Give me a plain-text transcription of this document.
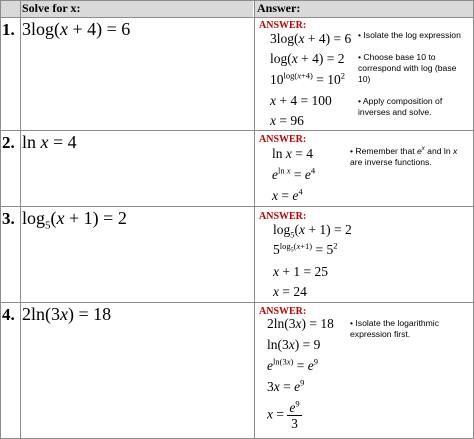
Solve for x:	Answer:
1. 3log(x + 4) = 6	ANSWER:
3log(x + 4) = 6
log(x + 4) = 2
$10^{log(x+4)} = 10^2$
x + 4 = 100
x = 96
• Isolate the log expression
• Choose base 10 to correspond with log (base 10)
• Apply composition of inverses and solve.
2. ln x = 4	ANSWER:
ln x = 4
$e^{ln x} = e^4$
$x = e^4$
• Remember that $e^x$ and ln x are inverse functions.
3. $\log_5(x + 1) = 2$	ANSWER:
$\log_5(x + 1) = 2$
$5^{log_5(x+1)} = 5^2$
x + 1 = 25
x = 24
4. 2ln(3x) = 18	ANSWER:
2ln(3x) = 18
ln(3x) = 9
$e^{ln(3x)} = e^9$
$3x = e^9$
$x = \frac{e^9}{3}$
• Isolate the logarithmic expression first.
